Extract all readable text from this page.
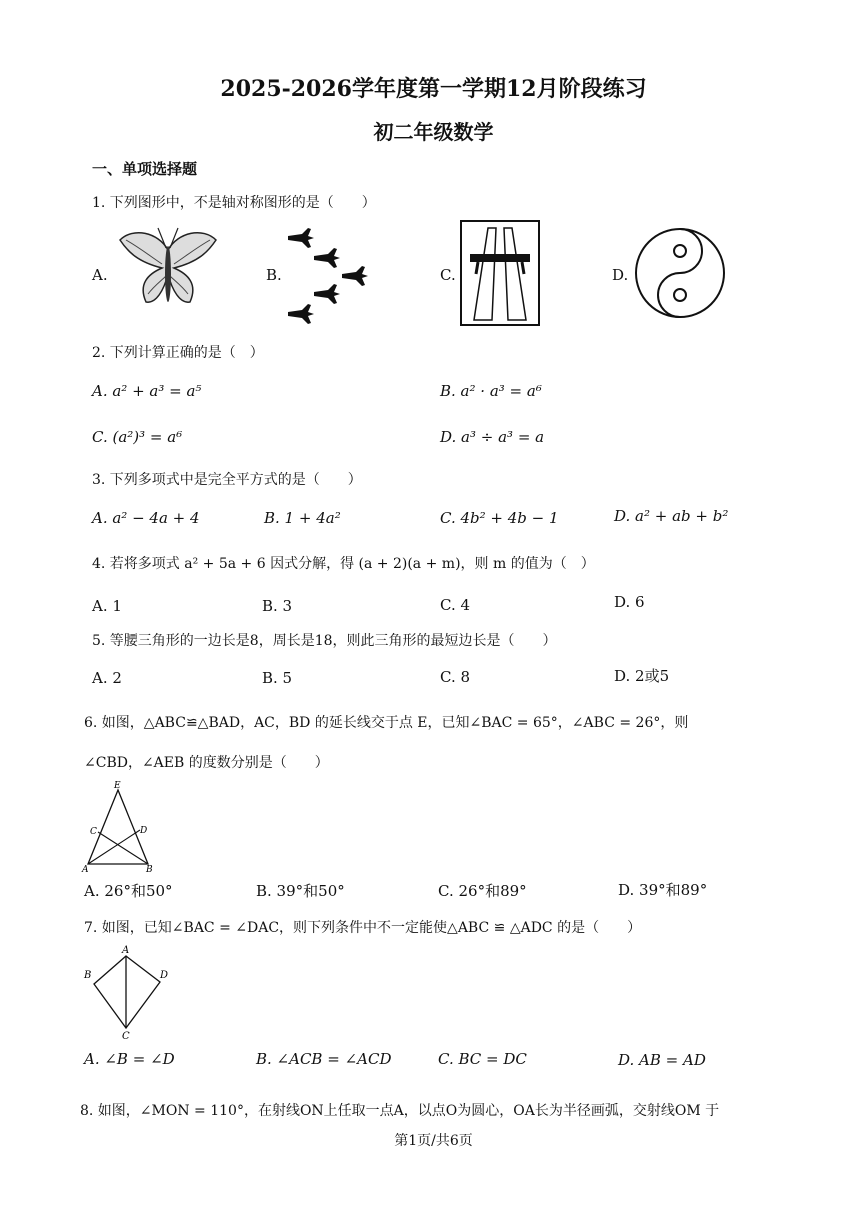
2025-2026学年度第一学期12月阶段练习
初二年级数学
一、单项选择题
1. 下列图形中，不是轴对称图形的是（　　）
A.	B.	C.	D.
2. 下列计算正确的是（　）
A. a² + a³ = a⁵	B. a² · a³ = a⁶
C. (a²)³ = a⁶	D. a³ ÷ a³ = a
3. 下列多项式中是完全平方式的是（　　）
A. a² − 4a + 4	B. 1 + 4a²	C. 4b² + 4b − 1	D. a² + ab + b²
4. 若将多项式 a² + 5a + 6 因式分解，得 (a + 2)(a + m)，则 m 的值为（　）
A. 1	B. 3	C. 4	D. 6
5. 等腰三角形的一边长是8，周长是18，则此三角形的最短边长是（　　）
A. 2	B. 5	C. 8	D. 2或5
6. 如图，△ABC≌△BAD，AC，BD 的延长线交于点 E，已知∠BAC = 65°，∠ABC = 26°，则
∠CBD，∠AEB 的度数分别是（　　）
E
C	D
A	B
A. 26°和50°	B. 39°和50°	C. 26°和89°	D. 39°和89°
7. 如图，已知∠BAC = ∠DAC，则下列条件中不一定能使△ABC ≌ △ADC 的是（　　）
A
B	D
C
A. ∠B = ∠D	B. ∠ACB = ∠ACD	C. BC = DC	D. AB = AD
8. 如图，∠MON = 110°，在射线ON上任取一点A，以点O为圆心，OA长为半径画弧，交射线OM 于
第1页/共6页
